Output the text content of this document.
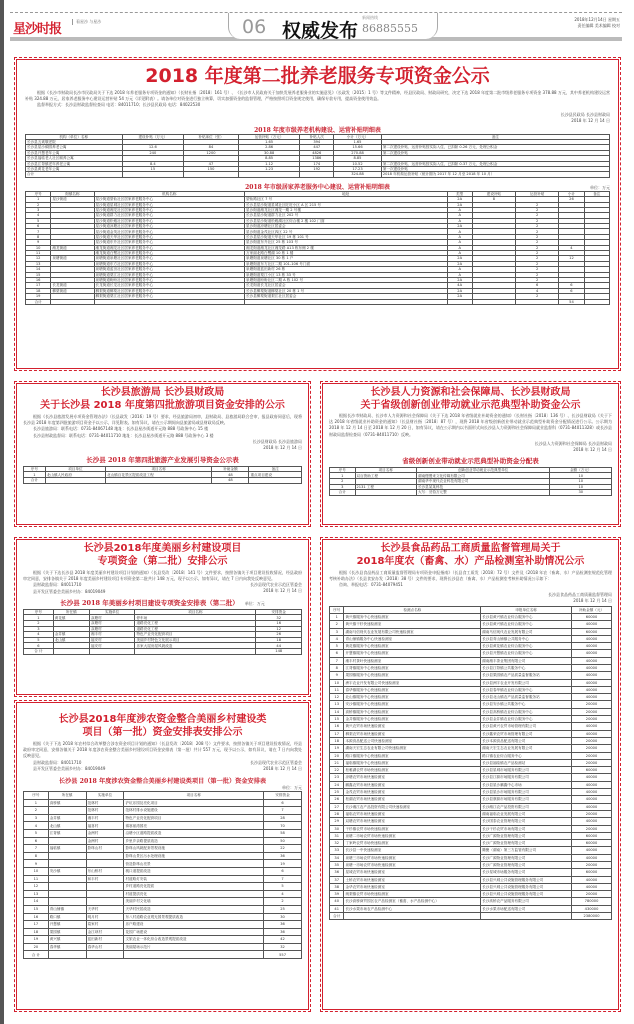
星沙时报
看星沙 与星沙	06 权威发布
新闻热线
86885555
2018年12月14日 星期五
责任编辑 美术编辑 校对
2018 年度第二批养老服务专项资金公示
根据《长沙市财政局长沙市民政局关于下达 2018 年养老服务专项资金的通知》（长财社指〔2018〕161 号）、《长沙市人民政府关于加快发展养老服务业的实施意见》（长政发〔2015〕1 号）等文件精神，经县民政局、财政局研究，决定下达 2018 年度第二批市级养老服务专项资金 378.88 万元，其中养老机构建设运营补贴 324.88 万元，居家养老服务中心建设运营补贴 54 万元（详见附表）。请各单位对资金进行独立核算，切实加强资金的监督管理，严格按照项目资金规定使用，确保专款专用，提高资金使用效益。
监督举报方式：长沙县财政监督检查局 电话：84011710；长沙县民政局 电话：84022530
长沙县民政局 长沙县财政局
2018 年 12 月 14 日
2018 年度市级养老机构建设、运营补贴明细表
机构（单位）名称	建设补贴（万元）	补贴床位（张）	运营补贴（万元）	补贴人次	小计（万元）	备注
长沙县五欢敬老院			1.65	394	1.65	
长沙县星沙颐园养老公寓	12.6	84	2.86	447	15.66	第二次建设补贴、运营补贴按实际入住，已扣除 0.26 万元，处理公积金
长沙县开慧老年公寓	240	1200	30.88	4826	270.88	第二次建设补贴
长沙县福临老人社区颐养公寓			8.85	1386	8.85	
长沙县江背镇老年养老公寓	8.4	47	1.12	174	10.52	第二次建设补贴、运营补贴按实际入住，已扣除 0.37 万元，处理公积金
长沙县黄花老年公寓	15	150	1.23	192	17.23	第一次建设补贴
合计					324.88	2018 年机构运营补贴（统计期为 2017 年 12 月至 2018 年 10 月）
2018 年市级居家养老服务中心建设、运营补贴明细表	单位：万元
序号	街镇名称	机构名称	地址	类型	建设补贴	运营补贴	小计	备注
1	星沙街道	星沙街道望仙社区居家养老服务中心	望仙路社区 7 号	2A	8		26	
2		星沙街道星城社区居家养老服务中心	长沙县星沙街道星城社区旺旺小区 A 区 215 号	2A		2		
3		星沙街道湘龙社区居家养老服务中心	星沙街道湘龙社区湘龙一期 2 号楼	A		2		
4		星沙街道群力社区居家养老服务中心	长沙县星沙街道群力社区 202 号	A		2		
5		星沙街道松雅社区居家养老服务中心	长沙县星沙街道松雅湖社区综合楼 2 楼 102 门面	A		2		
6		星沙街道凉塘社区居家养老服务中心	星沙街道凉塘社区居委会	2A		2		
7		星沙街道金茂社区居家养老服务中心	星沙街道金茂社区四区 22 号	A		2		
8		星沙街道天华社区居家养老服务中心	长沙县星沙街道天华社区 19 栋 101 号	A		2		
9		星沙街道东升社区居家养老服务中心	星沙街道东升社区 25 栋 103 号	A		2		
10	湘龙街道	湘龙街道湘龙社区居家养老服务中心	湘龙街道湘龙社区湘龙路 A13 栋东侧 2 楼	A		2	4	
11		湘龙街道白鹭社区居家养老服务中心	万家丽北路白鹭湖 10 栋 1 楼	A		2		
12	泉塘街道	泉塘街道泉塘社区居家养老服务中心	泉塘街道泉塘社区 30 栋 1 户	2A		2	12	
13		泉塘街道东方社区居家养老服务中心	泉塘街道东方社区二期 101-106 号门面	2A		2		
14		泉塘街道蓝田社区居家养老服务中心	泉塘街道蓝田新村 26 栋	A		2		
15		泉塘街道梨江社区居家养老服务中心	泉塘街道梨江小区 13 栋 33 号	A		2		
16		泉塘街道盼盼社区居家养老服务中心	泉塘街道盼盼社区二期 A 栋 102 号	2A		2		
17	长龙街道	长龙街道长龙社区居家养老服务中心	长龙街道长龙社区居委会	4A		6	6	
18	榔梨街道	榔梨街道榔梨社区居家养老服务中心	长沙县榔梨街道榔梨社区 20 栋 1 号	2A		4	6	
19		榔梨街道梨江社区居家养老服务中心	长沙县榔梨街道梨江社区居委会	2A		2		
合计							54	
长沙县旅游局 长沙县财政局
关于长沙县 2018 年度第四批旅游项目资金安排的公示
根据《长沙县旅游发展专项资金管理办法》（长县政发〔2016〕19 号）要求，经县旅游局初审，县财政局、县旅游局联合会审，报县政府同意后，现将长沙县 2018 年度第四批旅游项目资金予以公示，详见附表。如有异议，请在公示期间向县旅游局或县财政局反映。
长沙县旅游局：联系电话：0731-84067148 地址：长沙县星沙街道开元路 888 号政务中心 15 楼
长沙县财政监督局：联系电话：0731-84011710 地址：长沙县星沙街道开元路 888 号政务中心 3 楼
长沙县财政局 长沙县旅游局
2018 年 12 月 14 日
长沙县 2018 年第四批旅游产业发展引导资金公示表
序号	项目单位	项目名称	补助金额	备注
1	北山镇人民政府	北山镇百花景区提质改造工程	48	重点项目建设
合计			48	
长沙县人力资源和社会保障局、长沙县财政局
关于省级创新创业带动就业示范典型补助资金公示
根据长沙市财政局、长沙市人力资源和社会保障局《关于下达 2018 年省级就业补助资金的通知》（长财社指〔2018〕136 号）、长沙县财政局《关于下达 2018 年省级就业补助资金的通知》（长县财社指〔2018〕87 号），现将 2018 年省级创新创业带动就业示范典型补助资金分配情况进行公示。公示期为 2018 年 12 月 14 日至 2018 年 12 月 20 日，如有异议，请在公示期内以书面形式向长沙县人力资源和社会保障局就业监督科（0731-84011328）或长沙县财政局监督检查局（0731-84011710）反映。
长沙县人力资源和社会保障局 长沙县财政局
2018 年 12 月 14 日
省级创新创业带动就业示范典型补助资金分配表
序号	项目名称	创新创业带动就业示范典型单位	金额（万元）
1	双百资助工程	湖南慢慢来文化传媒有限公司	10
2		湖南华中现代农业科技有限公司	10
3	2131 工程	长沙县某某科技	10
合计		大写：叁拾万元整	30
长沙县2018年度美丽乡村建设项目
专项资金（第二批）安排公示
根据《关于下达长沙县 2018 年度美丽乡村建设项目计划的通知》（长县发改〔2018〕141 号）文件要求，按照各镇关于项目建设验收情况，经县政府审定同意，安排各镇关于 2018 年度美丽乡村建设项目专项资金第二批共计 148 万元，现予以公示，如有异议，请在 7 日内向我处反映意见。
县财政监督局：84011710
县开发区管委会美丽乡村办：84019049
长沙县现代农业示范区管委会
2018 年 12 月 14 日
长沙县 2018 年美丽乡村项目建设专项资金安排表（第二批） 单位：万元
序号	所在镇	实施单位	项目名称	安排资金
1	黄花镇	双塘村	停车场	32
2		双塘村	道路亮化工程	16
3		双塘村	道路亮化工程	12
4	金井镇	湘丰村	特色产业亮化配套项目	26
5	北山镇	福安村	美丽乡村特色文化展示项目	18
6		福安村	乐家大屋房屋风貌改造	44
合 计				148
长沙县2018年度涉农资金整合美丽乡村建设类
项目（第一批）资金安排表安排公示
根据《关于下达 2018 年农村综合改革整合涉农资金项目计划的通知》（长县发改〔2018〕208 号）文件要求，按照各镇关于项目建设验收情况，经县政府审定同意，安排各镇关于 2018 年度涉农资金整合美丽乡村建设项目资金安排表（第一批）共计 557 万元，现予以公示，如有异议，请在 7 日内向我处反映意见。
县财政监督局：84011710
县开发区管委会美丽乡村办：84019049
长沙县现代农业示范区管委会
2018 年 12 月 14 日
长沙县 2018 年度涉农资金整合美丽乡村建设类项目（第一批）资金安排表
单位：万元
序号	所在镇	实施单位	项目名称	安排资金
1	高桥镇	范林村	沪坑乐园及亮化项目	6
2		范林村	范林村排水设施建设	7
3	金井镇	湘丰村	特色产业亮化配套项目	28
4	北山镇	福喜村	薄寒崖湾园亮	70
5	江背镇	金洲村	沿塘小区道路提质改造	58
6		金洲村	乡里乡亲路提质改造	50
7	福临镇	影珠山村	影珠山风貌配套景观设施	22
8			影珠山景区污水处理设施	36
9			营造影珠山亮景	19
10	安沙镇	东山桥村	桃口道提质改造	6
11		和丰村	村道路灯安装	7
12			乡村道路亮化提质	5
13			村道提质亮化	4
14			美丽乡村文化墙	2
15	青山铺镇	天华村	天华村民居改造	25
16	路口镇	明月村	东八村道路农业观光园景观提质改造	30
17	开慧镇	葛家村	乐户路建设	36
18	果园镇	金江坝村	花园广场建设	36
19	黄兴镇	蓝田新村	文旅农业一体化综合改造景观提质改造	42
20	春华镇	春华山村	美丽屋场示范片	32
合 计				557
长沙县食品药品工商质量监督管理局关于
2018年度农（畜禽、水）产品检测室补助情况公示
根据《长沙县食品药品工商质量监督管理局专项资金申报指南》（长县食工质发〔2018〕72 号）文件及《2018 年农（畜禽、水）产品检测室规范化管理考核补助办法》（长县食安办发〔2018〕38 号）文件的要求，现将长沙县农（畜禽、水）产品检测室考核补助情况公示如下：
咨询、举报电话：0731-84079451
长沙县食品药品工商质量监督管理局
2018 年 12 月 14 日
序号	检测点名称	申报单位名称	补助金额（元）
1	黄兴镇服务中心快速检测室	长沙县黄兴镇农业综合服务中心	60000
2	黄兴镇干杉快速检测室	长沙县黄兴镇农业综合服务中心	40000
3	湖南马信现代农业发展有限公司快速检测室	湖南马信现代农业发展有限公司	60000
4	青山铺镇服务中心快速检测室	长沙县青山铺镇公共服务中心	40000
5	黄花镇服务中心快速检测室	长沙县黄花镇农业综合服务中心	40000
6	开慧镇服务中心快速检测室	长沙县开慧镇农业综合服务中心	40000
7	湘丰村茶叶快速检测室	湖南湘丰茶业集团有限公司	40000
8	江背镇服务中心快速检测室	长沙县江背镇公共服务中心	40000
9	果园镇服务中心快速检测室	长沙县果园镇农产品质量监督服务站	40000
10	洲宇农业开发有限公司快速检测室	长沙县洲宇农业开发有限公司	40000
11	春华镇服务中心快速检测室	长沙县春华镇农业综合服务中心	40000
12	北山镇服务中心快速检测室	长沙县北山镇农产品质量监督服务站	40000
13	安沙镇服务中心快速检测室	长沙县安沙镇公共服务中心	20000
14	高桥镇服务中心快速检测室	长沙县高桥镇农业综合服务中心	20000
15	金井镇服务中心快速检测室	长沙县金井镇农业综合服务中心	20000
16	黄兴农贸市场快速检测室	长沙县黄兴农贸市场管理有限公司	40000
17	榔梨农贸市场快速检测室	长沙鑫荣农贸市场管理有限公司	40000
18	本源食品配送公司快速检测室	长沙本源食品配送有限公司	20000
19	湖南天宏生态农业有限公司快速检测室	湖南天宏生态农业发展有限公司	20000
20	路口镇服务中心快速检测室	路口镇农业综合服务中心	20000
21	福临镇服务中心快速检测室	长沙县福临镇农产品检测站	20000
22	松雅湖农贸市场快速检测室	长沙县星城市场服务有限公司	60000
23	凉塘农贸市场快速检测室	长沙县江源市场服务有限公司	40000
24	鹏鑫农贸市场快速检测室	长沙县星沙鹏鑫中心市场	40000
25	金茂农贸市场快速检测室	长沙县星沙市场服务有限公司	40000
26	松湖农贸市场快速检测室	长沙县康源市场服务有限公司	40000
27	长沙湘江农产品投资有限公司快速检测室	长沙湘江农产品投资有限公司	40000
28	福临农贸市场快速检测室	湖南福临农业发展有限公司	20000
29	双塘农贸市场快速检测室	长沙国泰农业管理有限公司	40000
30	干杉镇农贸市场快速检测室	长沙干杉农贸市场有限公司	20000
31	泉塘二市场农贸市场快速检测室	长沙广源物业管理有限公司	60000
32	丁家岭农贸市场快速检测室	长沙广源物业管理有限公司	60000
33	长沙县一中快速检测室	腾聚（湖南）第三方监管有限公司	40000
34	泉塘三市场农贸市场快速检测室	长沙广源物业管理有限公司	40000
35	泉塘一市场农贸市场快速检测室	长沙广源物业管理有限公司	20000
36	星城农贸市场快速检测室	长沙星城市场服务有限公司	60000
37	土桥农贸市场快速检测室	长沙县兴城公共设施管理服务有限公司	40000
38	金华农贸市场快速检测室	长沙县兴城公共设施管理服务有限公司	40000
39	朗梨镇农贸市场快速检测室	长沙县兴城公共设施管理服务有限公司	20000
40	长沙高桥商贸园区农产品检测室（畜禽、水产品检测中心）	长沙高桥农产品服务有限公司	780000
41	长沙水果市场农产品检测中心	长沙水果市场配送有限公司	430000
合计			2380000
